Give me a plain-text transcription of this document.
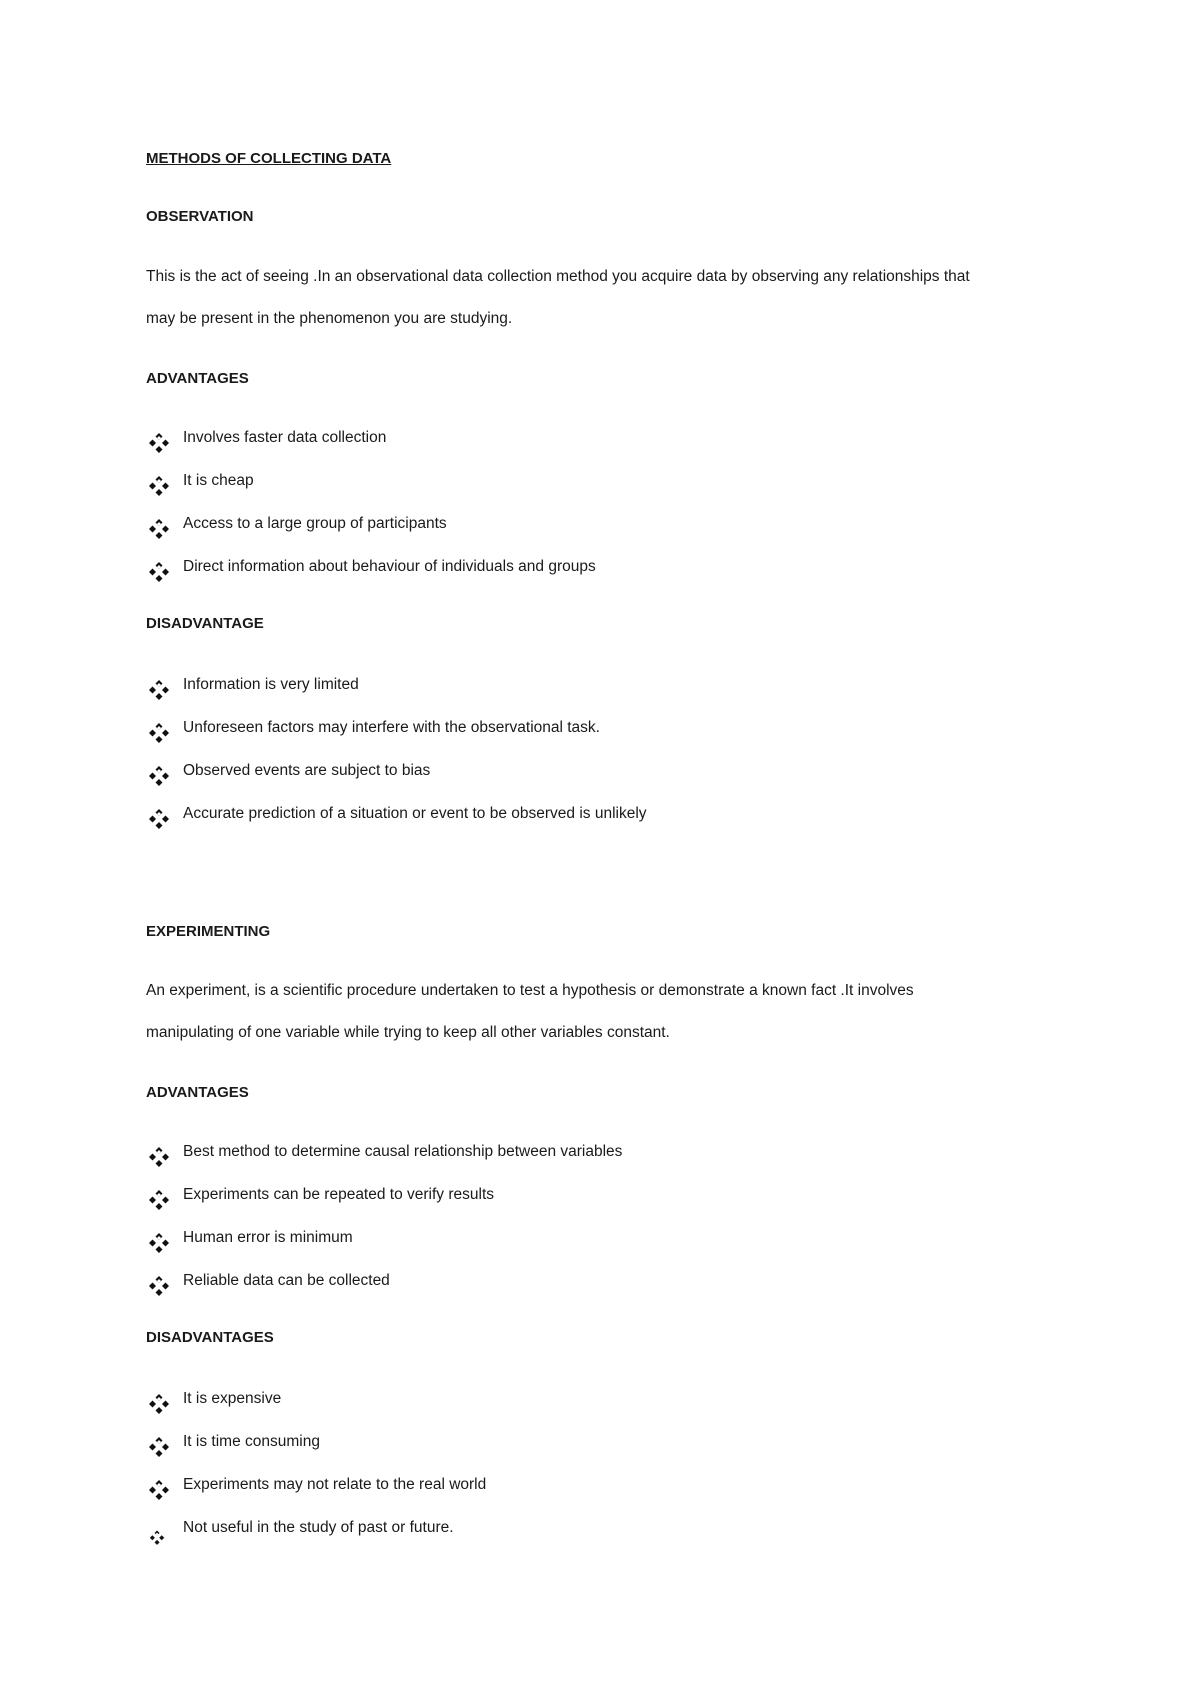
METHODS OF COLLECTING DATA
OBSERVATION
This is the act of seeing .In an observational data collection method you acquire data by observing any relationships that
may be present in the phenomenon you are studying.
ADVANTAGES
Involves faster data collection
It is cheap
Access to a large group of participants
Direct information about behaviour of individuals and groups
DISADVANTAGE
Information is very limited
Unforeseen factors may interfere with the observational task.
Observed events are subject to bias
Accurate prediction of a situation or event to be observed is unlikely
EXPERIMENTING
An experiment, is a scientific procedure undertaken to test a hypothesis or demonstrate a known fact .It involves
manipulating of one variable while trying to keep all other variables constant.
ADVANTAGES
Best method to determine causal relationship between variables
Experiments can be repeated to verify results
Human error is minimum
Reliable data can be collected
DISADVANTAGES
It is expensive
It is time consuming
Experiments may not relate to the real world
Not useful in the study of past or future.
